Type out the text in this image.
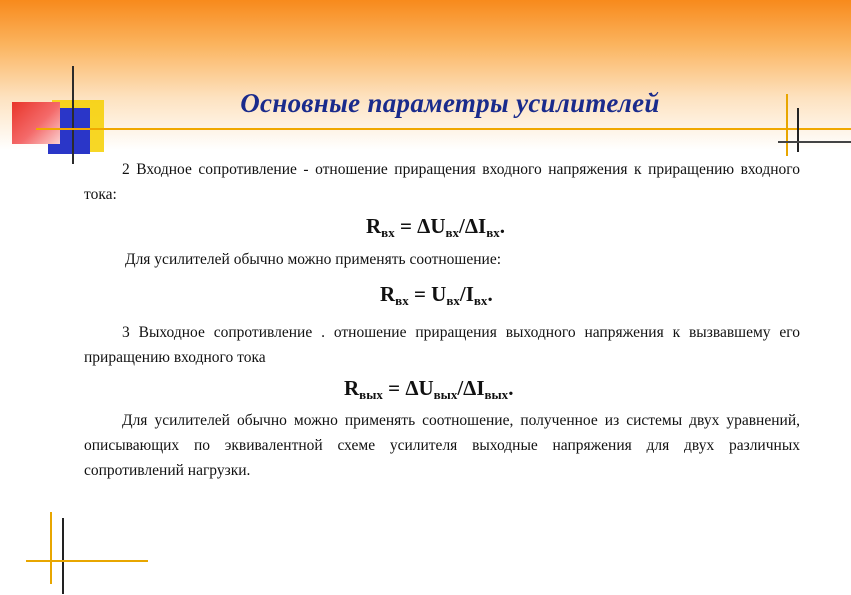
Основные параметры усилителей
2 Входное сопротивление - отношение приращения входного напряжения к приращению входного тока:
$R_{вх} = \Delta U_{вх}/\Delta I_{вх}$.
Для усилителей обычно можно применять соотношение:
$R_{вх} = U_{вх}/I_{вх}$.
3 Выходное сопротивление . отношение приращения выходного напряжения к вызвавшему его приращению входного тока
$R_{вых} = \Delta U_{вых}/\Delta I_{вых}$.
Для усилителей обычно можно применять соотношение, полученное из системы двух уравнений, описывающих по эквивалентной схеме усилителя выходные напряжения для двух различных сопротивлений нагрузки.
